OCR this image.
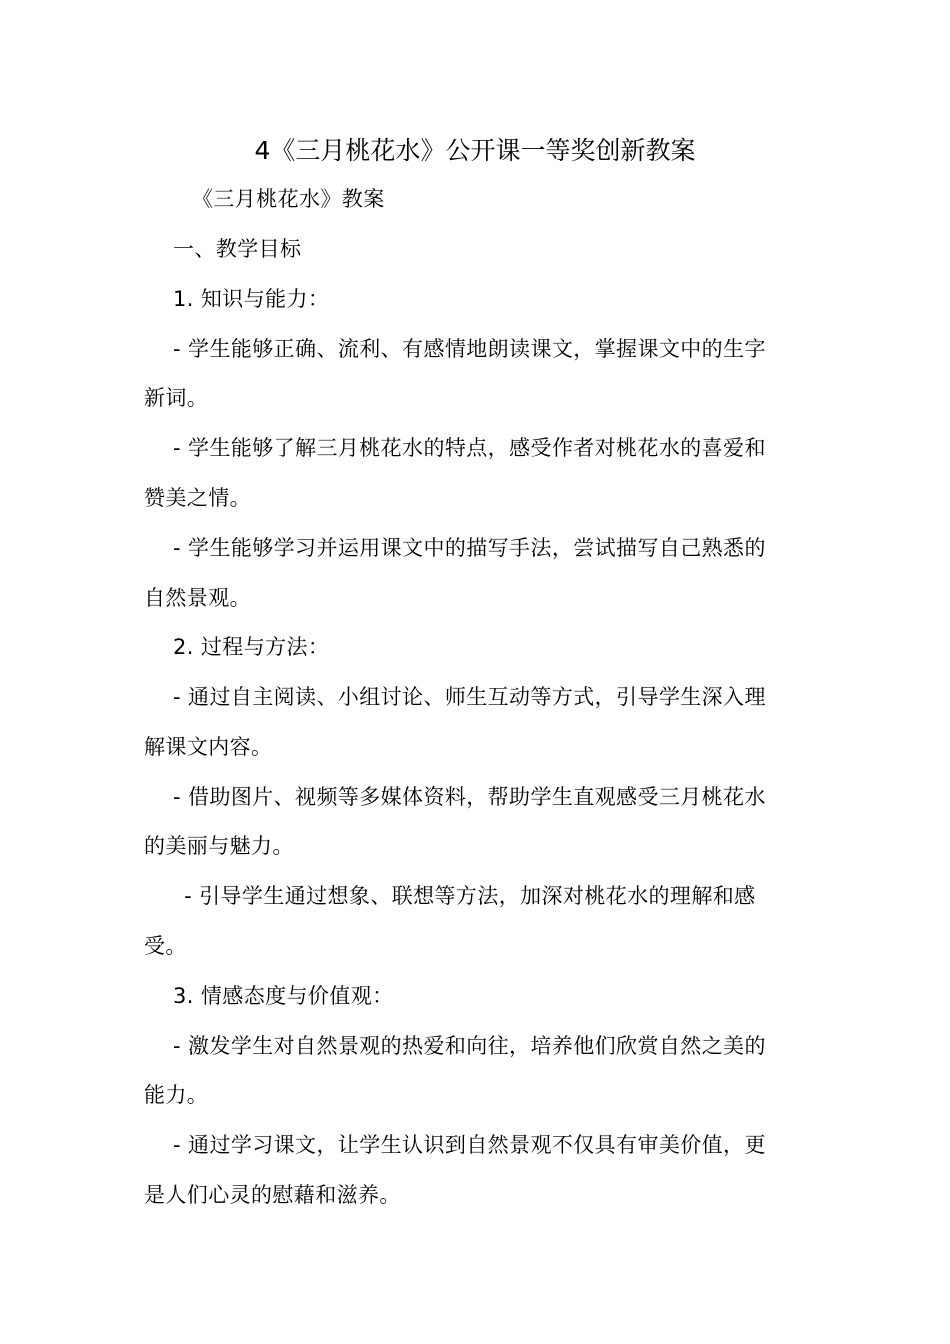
4《三月桃花水》公开课一等奖创新教案
《三月桃花水》教案
一、教学目标
1. 知识与能力：
- 学生能够正确、流利、有感情地朗读课文，掌握课文中的生字
新词。
- 学生能够了解三月桃花水的特点，感受作者对桃花水的喜爱和
赞美之情。
- 学生能够学习并运用课文中的描写手法，尝试描写自己熟悉的
自然景观。
2. 过程与方法：
- 通过自主阅读、小组讨论、师生互动等方式，引导学生深入理
解课文内容。
- 借助图片、视频等多媒体资料，帮助学生直观感受三月桃花水
的美丽与魅力。
- 引导学生通过想象、联想等方法，加深对桃花水的理解和感
受。
3. 情感态度与价值观：
- 激发学生对自然景观的热爱和向往，培养他们欣赏自然之美的
能力。
- 通过学习课文，让学生认识到自然景观不仅具有审美价值，更
是人们心灵的慰藉和滋养。
